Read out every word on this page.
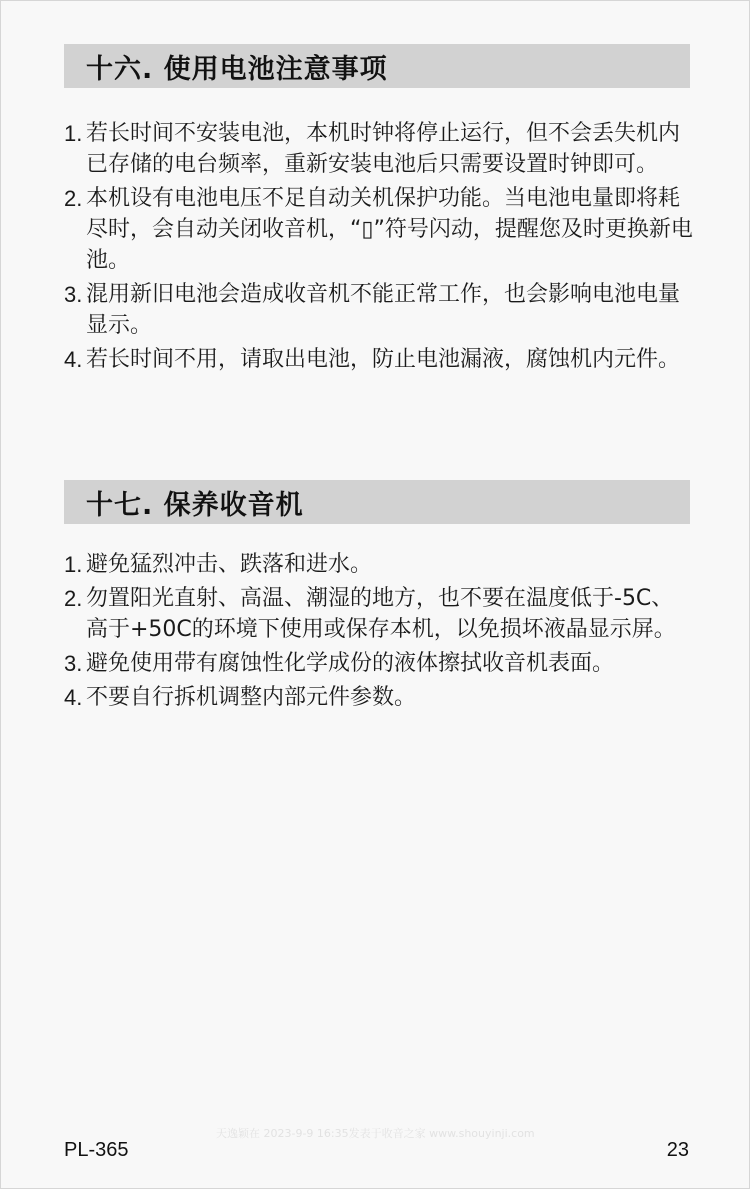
十六. 使用电池注意事项
1. 若长时间不安装电池，本机时钟将停止运行，但不会丢失机内已存储的电台频率，重新安装电池后只需要设置时钟即可。
2. 本机设有电池电压不足自动关机保护功能。当电池电量即将耗尽时，会自动关闭收音机，“▯”符号闪动，提醒您及时更换新电池。
3. 混用新旧电池会造成收音机不能正常工作，也会影响电池电量显示。
4. 若长时间不用，请取出电池，防止电池漏液，腐蚀机内元件。
十七. 保养收音机
1. 避免猛烈冲击、跌落和进水。
2. 勿置阳光直射、高温、潮湿的地方，也不要在温度低于-5C、高于+50C的环境下使用或保存本机，以免损坏液晶显示屏。
3. 避免使用带有腐蚀性化学成份的液体擦拭收音机表面。
4. 不要自行拆机调整内部元件参数。
天逸颖在 2023-9-9 16:35发表于收音之家 www.shouyinji.com
PL-365	23
